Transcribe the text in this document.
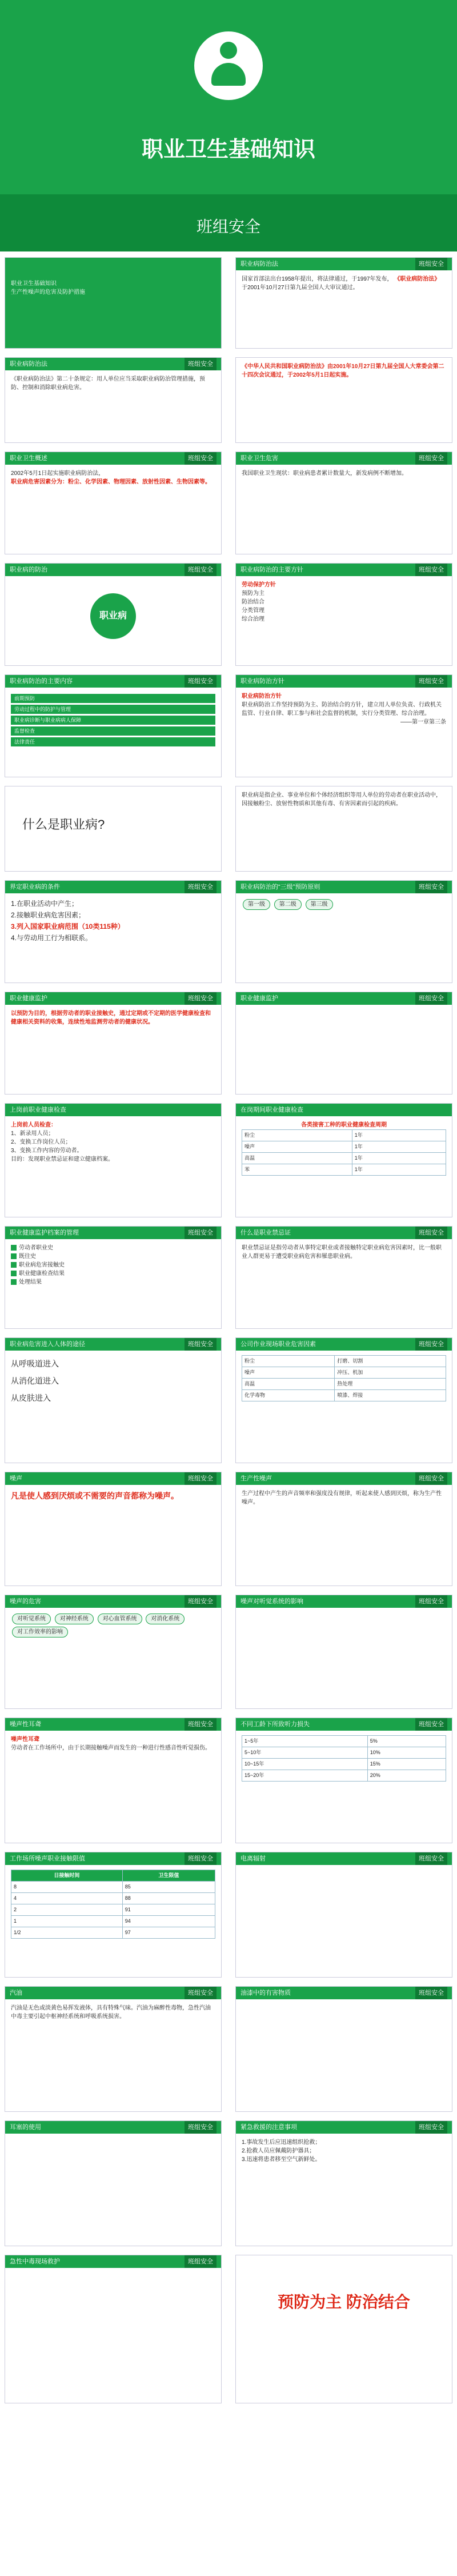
职业卫生基础知识
班组安全
职业卫生基础知识
生产性噪声的危害及防护措施
职业病防治法	班组安全
国家首部法出台1958年提出，将法律通过，于1997年发布， 《职业病防治法》 于2001年10月27日第九届全国人大审议通过。
职业病防治法	班组安全
《职业病防治法》第二十条规定：用人单位应当采取职业病防治管理措施，预防、控制和消除职业病危害。
《中华人民共和国职业病防治法》由2001年10月27日第九届全国人大常委会第二十四次会议通过，于2002年5月1日起实施。
职业卫生概述	班组安全
2002年5月1日起实施职业病防治法，
职业病危害因素分为：粉尘、化学因素、物理因素、放射性因素、生物因素等。
职业卫生危害	班组安全
我国职业卫生现状：职业病患者累计数量大，新发病例不断增加。
职业病的防治	班组安全
职业病
职业病防治的主要方针	班组安全
劳动保护方针
预防为主
防治结合
分类管理
综合治理
职业病防治的主要内容	班组安全
前期预防
劳动过程中的防护与管理
职业病诊断与职业病病人保障
监督检查
法律责任
职业病防治方针	班组安全
职业病防治方针
职业病防治工作坚持预防为主、防治结合的方针，建立用人单位负责、行政机关监管、行业自律、职工参与和社会监督的机制，实行分类管理、综合治理。
——第一章第三条
什么是职业病?
职业病是指企业、事业单位和个体经济组织等用人单位的劳动者在职业活动中，因接触粉尘、放射性物质和其他有毒、有害因素而引起的疾病。
界定职业病的条件	班组安全
1.在职业活动中产生；
2.接触职业病危害因素；
3.列入国家职业病范围（10类115种）
4.与劳动用工行为相联系。
职业病防治的“三级”预防原则	班组安全
第一级 第二级 第三级
职业健康监护	班组安全
以预防为目的，根据劳动者的职业接触史，通过定期或不定期的医学健康检查和健康相关资料的收集，连续性地监测劳动者的健康状况。
职业健康监护	班组安全
上岗前职业健康检查
上岗前人员检查：
1、新录用人员；
2、变换工作岗位人员；
3、变换工作内容的劳动者。
目的：发现职业禁忌证和建立健康档案。
在岗期间职业健康检查
各类接害工种的职业健康检查周期
粉尘	1年
噪声	1年
高温	1年
苯	1年
职业健康监护档案的管理	班组安全
劳动者职业史
既往史
职业病危害接触史
职业健康检查结果
处理结果
什么是职业禁忌证	班组安全
职业禁忌证是指劳动者从事特定职业或者接触特定职业病危害因素时，比一般职业人群更易于遭受职业病危害和罹患职业病。
职业病危害进入人体的途径	班组安全
从呼吸道进入
从消化道进入
从皮肤进入
公司作业现场职业危害因素	班组安全
粉尘	打磨、切割
噪声	冲压、机加
高温	热处理
化学毒物	喷漆、焊接
噪声	班组安全
凡是使人感到厌烦或不需要的声音都称为噪声。
生产性噪声	班组安全
生产过程中产生的声音频率和强度没有规律，听起来使人感到厌烦，称为生产性噪声。
噪声的危害	班组安全
对听觉系统 对神经系统 对心血管系统 对消化系统 对工作效率的影响
噪声对听觉系统的影响	班组安全
噪声性耳聋	班组安全
噪声性耳聋
劳动者在工作场所中，由于长期接触噪声而发生的一种进行性感音性听觉损伤。
不同工龄下所致听力损失	班组安全
1~5年	5%
5~10年	10%
10~15年	15%
15~20年	20%
工作场所噪声职业接触限值	班组安全
日接触时间	卫生限值
8	85
4	88
2	91
1	94
1/2	97
电离辐射	班组安全
汽油	班组安全
汽油是无色或淡黄色易挥发液体，具有特殊气味。汽油为麻醉性毒物，急性汽油中毒主要引起中枢神经系统和呼吸系统损害。
油漆中的有害物质	班组安全
耳塞的使用	班组安全	紧急救援的注意事项	班组安全
1.事故发生后应迅速组织抢救；
2.抢救人员应佩戴防护器具；
3.迅速将患者移至空气新鲜处。
急性中毒现场救护	班组安全
预防为主 防治结合
